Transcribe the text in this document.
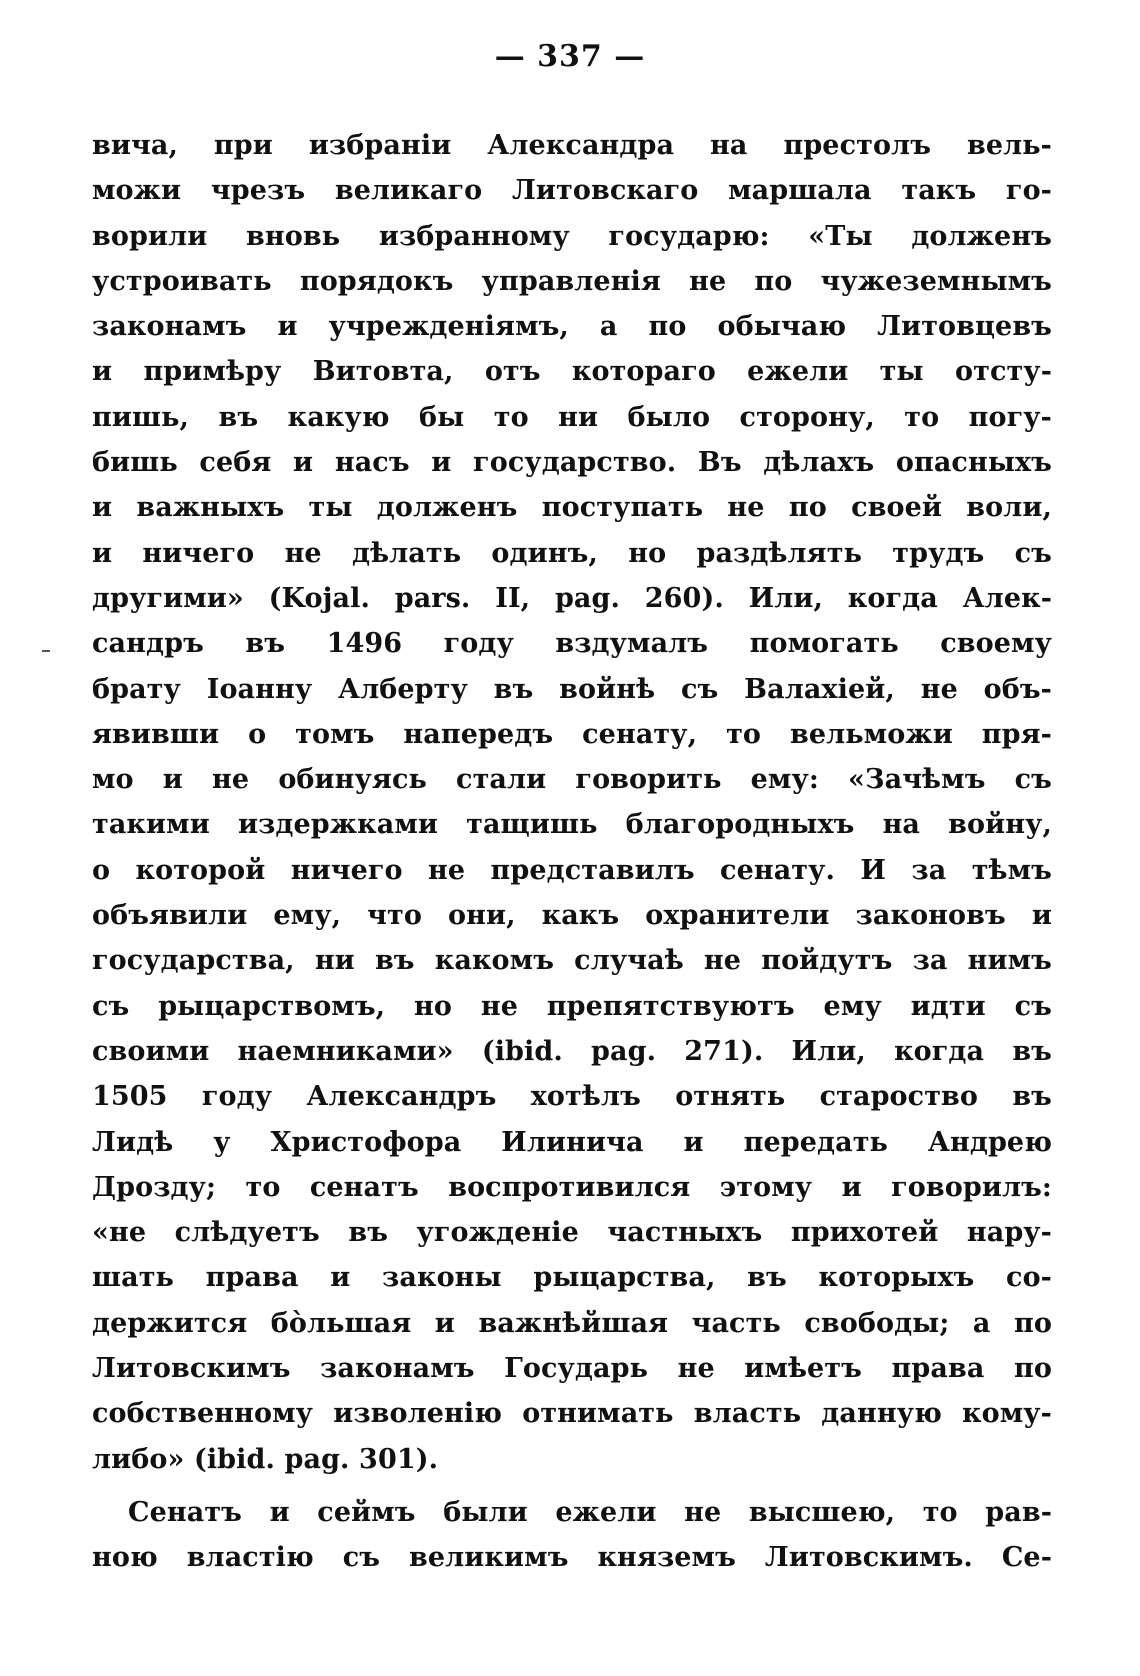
— 337 —
вича, при избраніи Александра на престолъ вель-
можи чрезъ великаго Литовскаго маршала такъ го-
ворили вновь избранному государю: «Ты долженъ
устроивать порядокъ управленія не по чужеземнымъ
законамъ и учрежденіямъ, а по обычаю Литовцевъ
и примѣру Витовта, отъ котораго ежели ты отсту-
пишь, въ какую бы то ни было сторону, то погу-
бишь себя и насъ и государство. Въ дѣлахъ опасныхъ
и важныхъ ты долженъ поступать не по своей воли,
и ничего не дѣлать одинъ, но раздѣлять трудъ съ
другими» (Kojal. pars. II, pag. 260). Или, когда Алек-
сандръ въ 1496 году вздумалъ помогать своему
брату Іоанну Алберту въ войнѣ съ Валахіей, не объ-
явивши о томъ напередъ сенату, то вельможи пря-
мо и не обинуясь стали говорить ему: «Зачѣмъ съ
такими издержками тащишь благородныхъ на войну,
о которой ничего не представилъ сенату. И за тѣмъ
объявили ему, что они, какъ охранители законовъ и
государства, ни въ какомъ случаѣ не пойдутъ за нимъ
съ рыцарствомъ, но не препятствуютъ ему идти съ
своими наемниками» (ibid. pag. 271). Или, когда въ
1505 году Александръ хотѣлъ отнять староство въ
Лидѣ у Христофора Илинича и передать Андрею
Дрозду; то сенатъ воспротивился этому и говорилъ:
«не слѣдуетъ въ угожденіе частныхъ прихотей нару-
шать права и законы рыцарства, въ которыхъ со-
держится бо̀льшая и важнѣйшая часть свободы; а по
Литовскимъ законамъ Государь не имѣетъ права по
собственному изволенію отнимать власть данную кому-
либо» (ibid. pag. 301).
Сенатъ и сеймъ были ежели не высшею, то рав-
ною властію съ великимъ княземъ Литовскимъ. Се-
